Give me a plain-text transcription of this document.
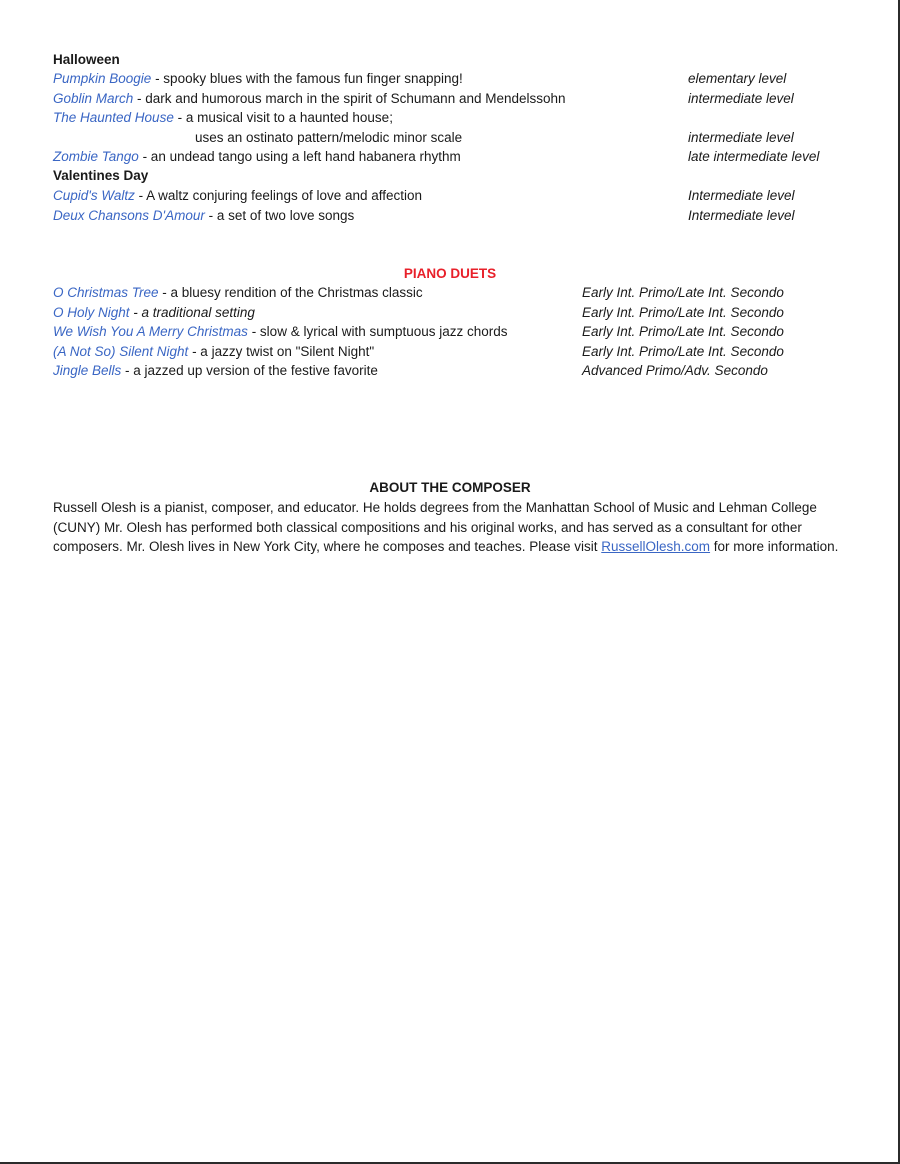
Halloween
Pumpkin Boogie - spooky blues with the famous fun finger snapping!	elementary level
Goblin March - dark and humorous march in the spirit of Schumann and Mendelssohn	intermediate level
The Haunted House - a musical visit to a haunted house;
uses an ostinato pattern/melodic minor scale	intermediate level
Zombie Tango - an undead tango using a left hand habanera rhythm	late intermediate level
Valentines Day
Cupid's Waltz - A waltz conjuring feelings of love and affection	Intermediate level
Deux Chansons D'Amour - a set of two love songs	Intermediate level
PIANO DUETS
O Christmas Tree - a bluesy rendition of the Christmas classic	Early Int. Primo/Late Int. Secondo
O Holy Night - a traditional setting	Early Int. Primo/Late Int. Secondo
We Wish You A Merry Christmas - slow & lyrical with sumptuous jazz chords	Early Int. Primo/Late Int. Secondo
(A Not So) Silent Night - a jazzy twist on "Silent Night"	Early Int. Primo/Late Int. Secondo
Jingle Bells - a jazzed up version of the festive favorite	Advanced Primo/Adv. Secondo
ABOUT THE COMPOSER
Russell Olesh is a pianist, composer, and educator. He holds degrees from the Manhattan School of Music and Lehman College (CUNY) Mr. Olesh has performed both classical compositions and his original works, and has served as a consultant for other composers. Mr. Olesh lives in New York City, where he composes and teaches. Please visit RussellOlesh.com for more information.
